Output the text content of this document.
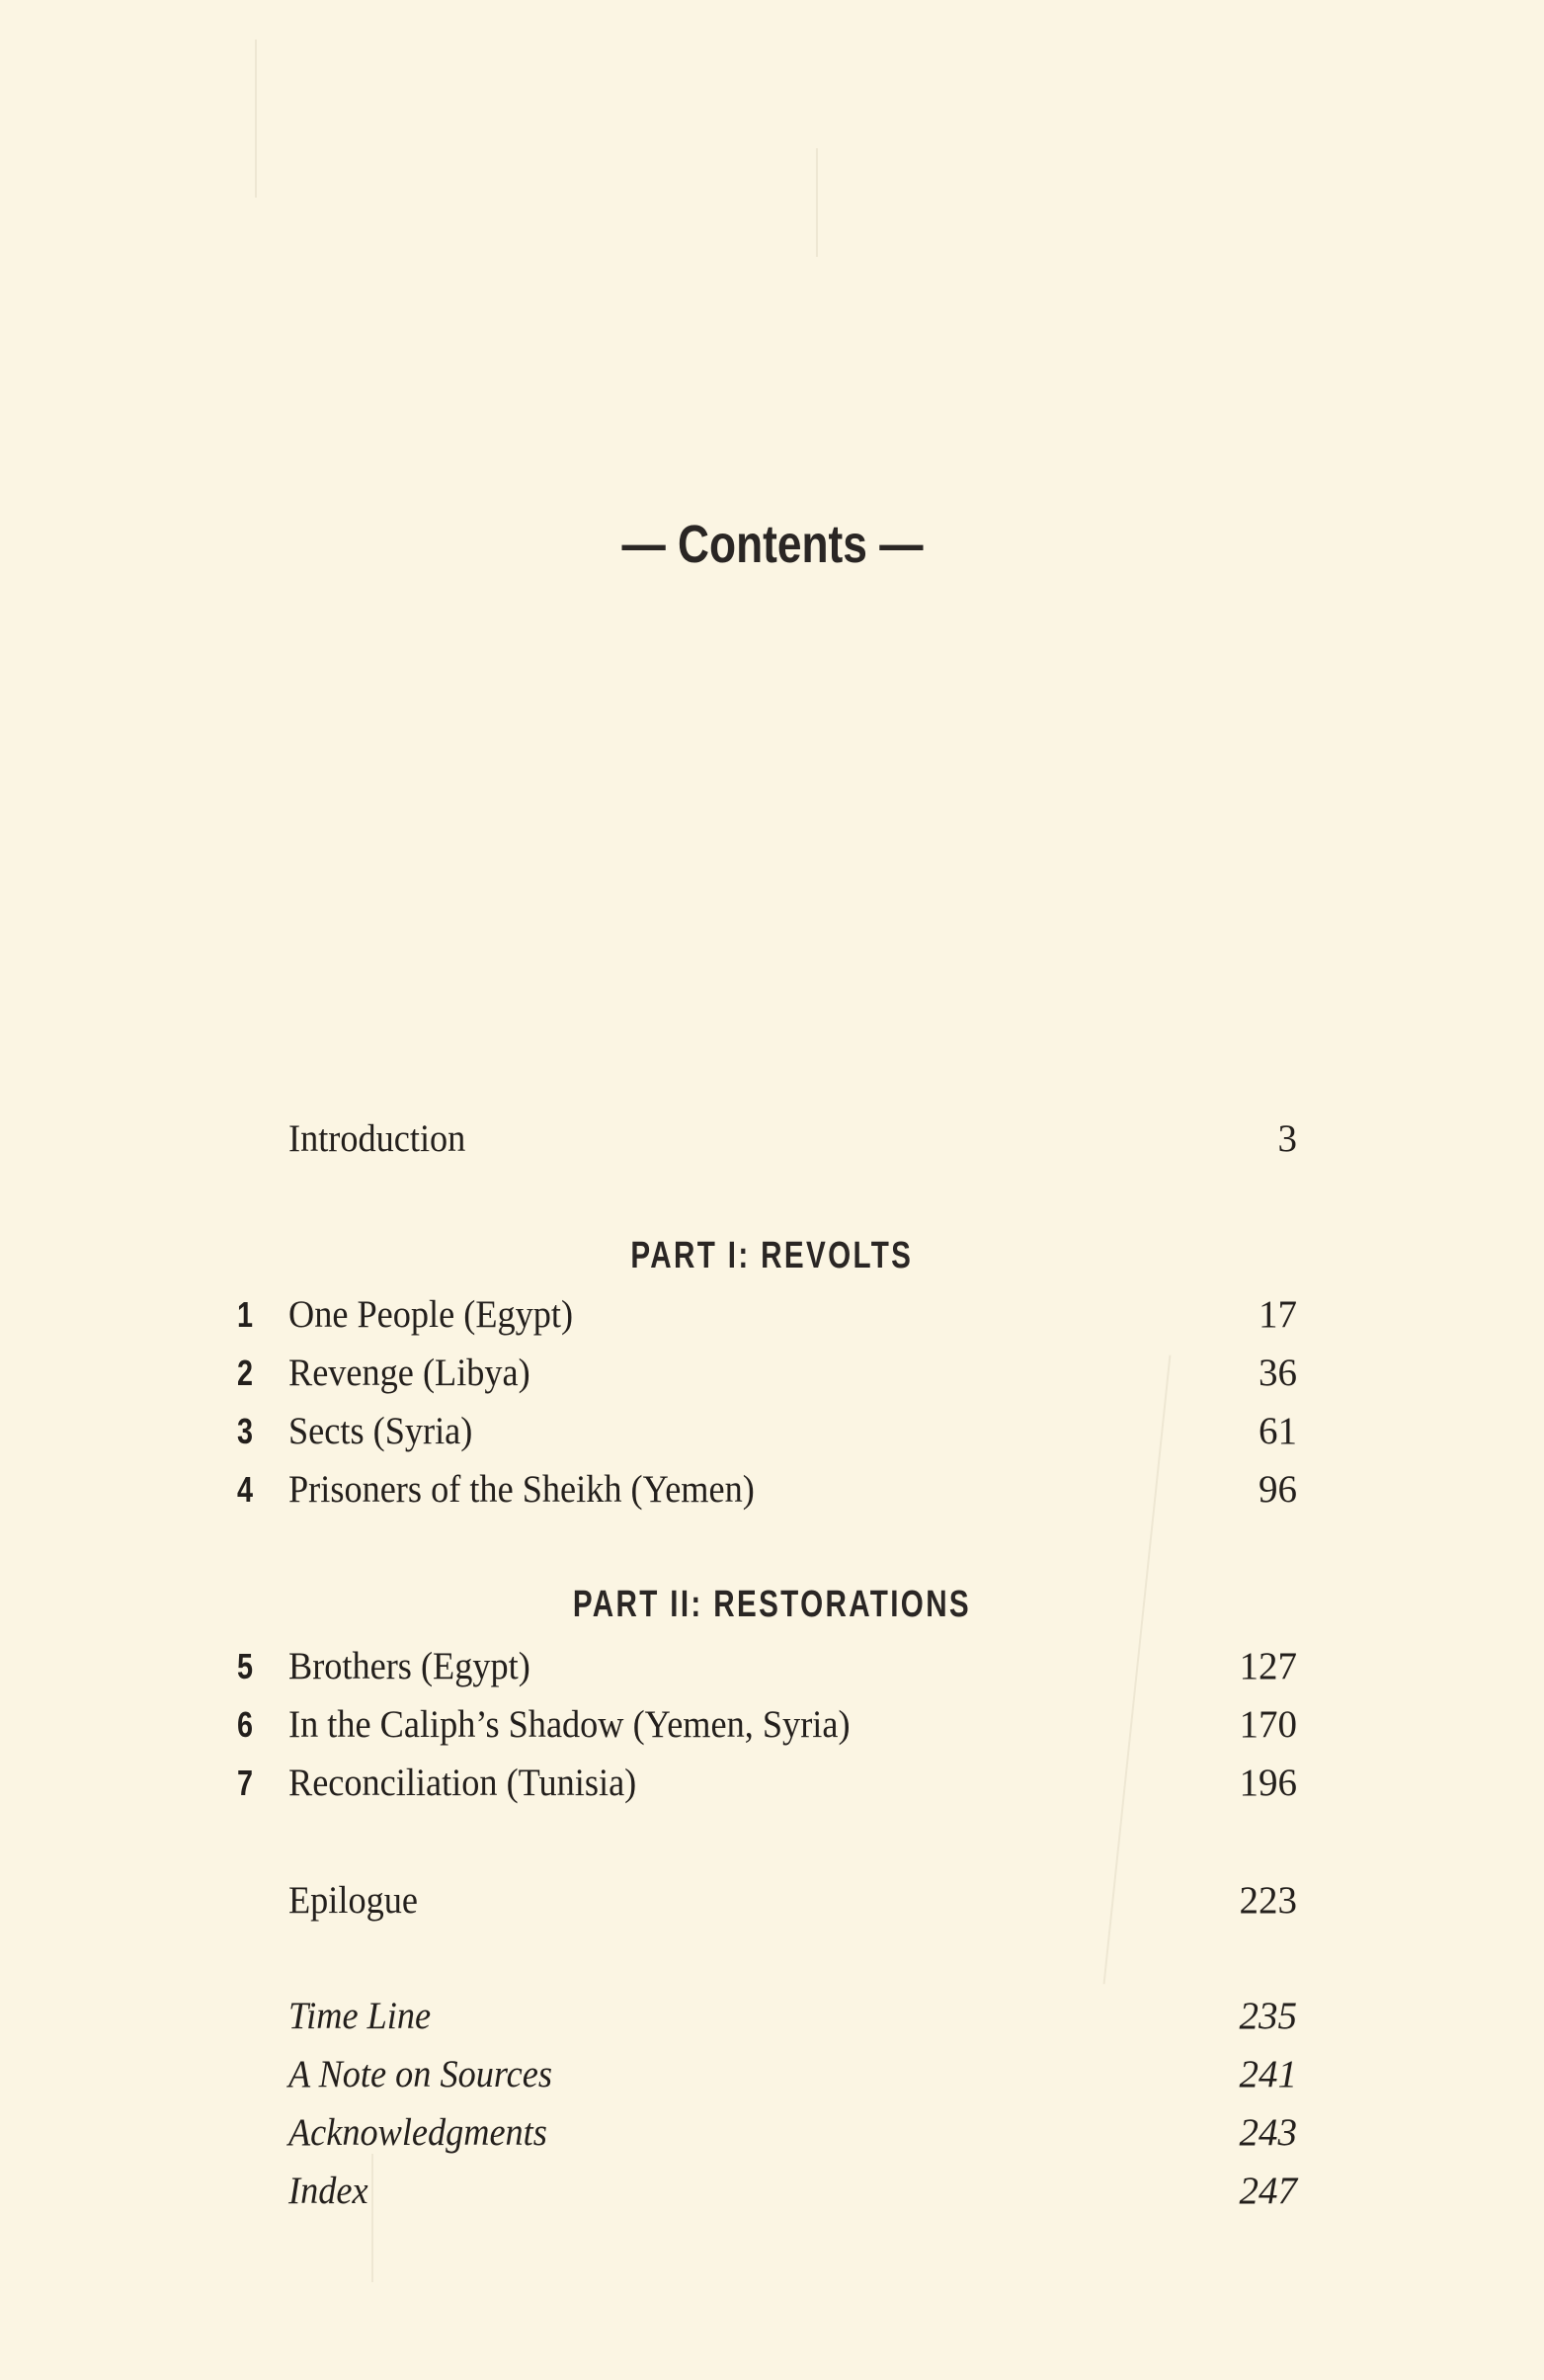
— Contents —
Introduction	3
PART I: REVOLTS
1 One People (Egypt)	17
2 Revenge (Libya)	36
3 Sects (Syria)	61
4 Prisoners of the Sheikh (Yemen)	96
PART II: RESTORATIONS
5 Brothers (Egypt)	127
6 In the Caliph’s Shadow (Yemen, Syria)	170
7 Reconciliation (Tunisia)	196
Epilogue	223
Time Line	235
A Note on Sources	241
Acknowledgments	243
Index	247
